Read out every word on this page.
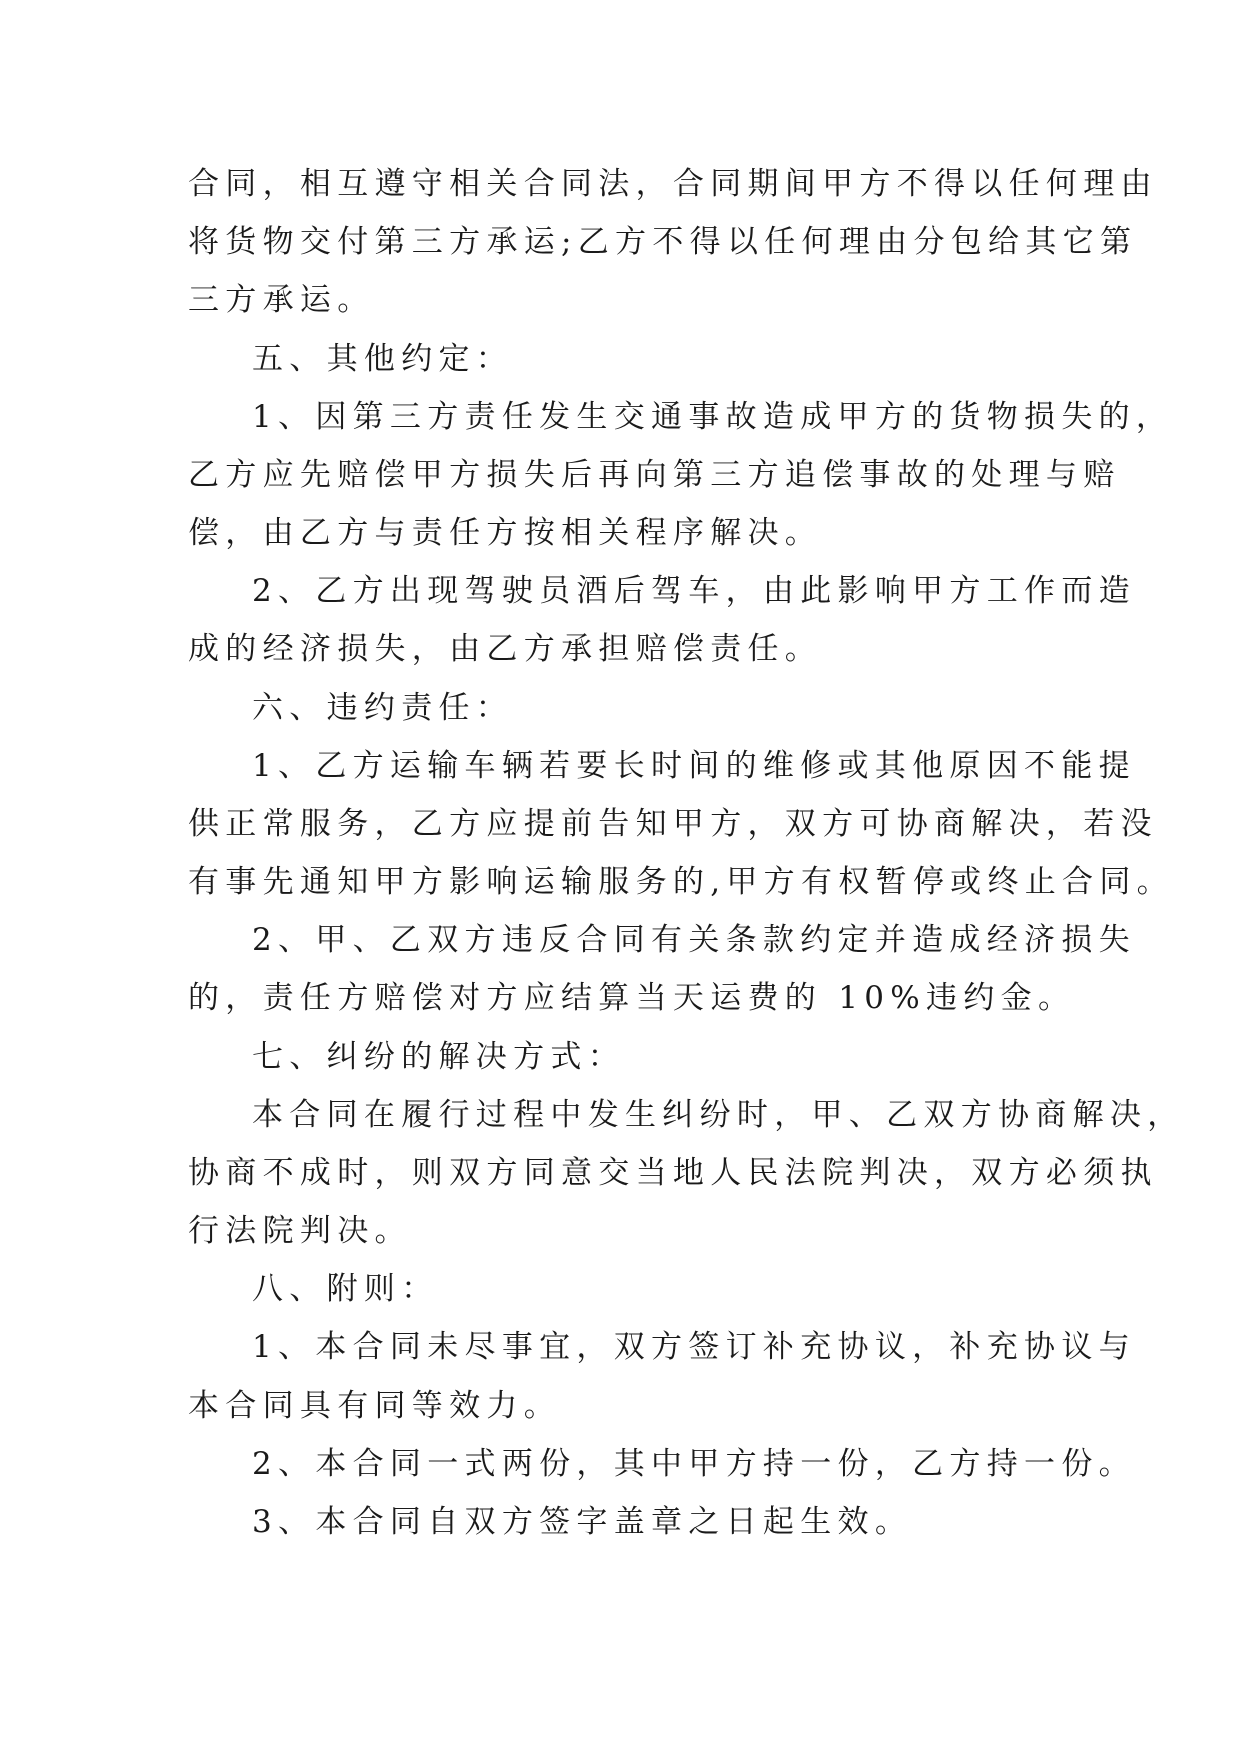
合同，相互遵守相关合同法，合同期间甲方不得以任何理由
将货物交付第三方承运;乙方不得以任何理由分包给其它第
三方承运。
五、其他约定：
1、因第三方责任发生交通事故造成甲方的货物损失的，
乙方应先赔偿甲方损失后再向第三方追偿事故的处理与赔
偿，由乙方与责任方按相关程序解决。
2、乙方出现驾驶员酒后驾车，由此影响甲方工作而造
成的经济损失，由乙方承担赔偿责任。
六、违约责任：
1、乙方运输车辆若要长时间的维修或其他原因不能提
供正常服务，乙方应提前告知甲方，双方可协商解决，若没
有事先通知甲方影响运输服务的,甲方有权暂停或终止合同。
2、甲、乙双方违反合同有关条款约定并造成经济损失
的，责任方赔偿对方应结算当天运费的 10%违约金。
七、纠纷的解决方式：
本合同在履行过程中发生纠纷时，甲、乙双方协商解决，
协商不成时，则双方同意交当地人民法院判决，双方必须执
行法院判决。
八、附则：
1、本合同未尽事宜，双方签订补充协议，补充协议与
本合同具有同等效力。
2、本合同一式两份，其中甲方持一份，乙方持一份。
3、本合同自双方签字盖章之日起生效。
